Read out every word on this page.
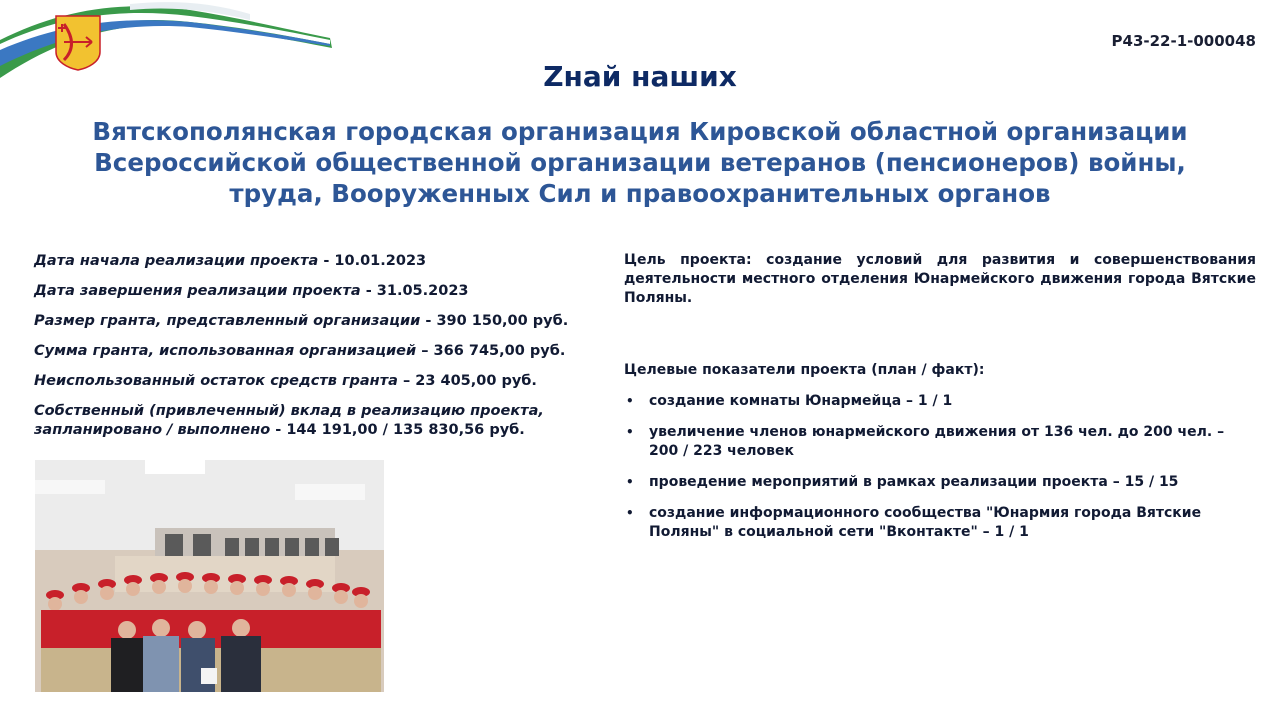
Р43-22-1-000048
Zнай наших
Вятскополянская городская организация Кировской областной организации
Всероссийской общественной организации ветеранов (пенсионеров) войны,
труда, Вооруженных Сил и правоохранительных органов

Дата начала реализации проекта - 10.01.2023

Дата завершения реализации проекта - 31.05.2023

Размер гранта, представленный организации - 390 150,00 руб.

Сумма гранта, использованная организацией – 366 745,00 руб.

Неиспользованный остаток средств гранта – 23 405,00 руб.

Собственный (привлеченный) вклад в реализацию проекта, запланировано / выполнено - 144 191,00 / 135 830,56 руб.

Цель проекта: создание условий для развития и совершенствования деятельности местного отделения Юнармейского движения города Вятские Поляны.

Целевые показатели проекта (план / факт):
• создание комнаты Юнармейца – 1 / 1
• увеличение членов юнармейского движения от 136 чел. до 200 чел. – 200 / 223 человек
• проведение мероприятий в рамках реализации проекта – 15 / 15
• создание информационного сообщества "Юнармия города Вятские Поляны" в социальной сети "Вконтакте" – 1 / 1
